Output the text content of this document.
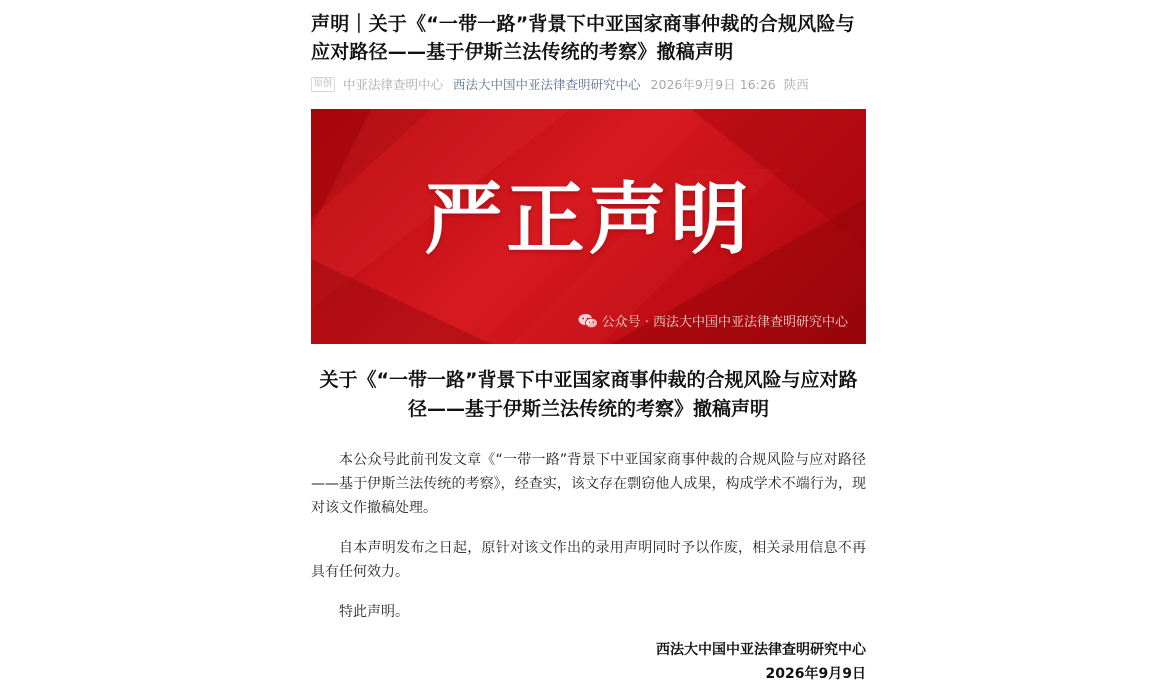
声明｜关于《“一带一路”背景下中亚国家商事仲裁的合规风险与应对路径——基于伊斯兰法传统的考察》撤稿声明
原创 中亚法律查明中心 西法大中国中亚法律查明研究中心 2026年9月9日 16:26 陕西
严正声明
公众号 · 西法大中国中亚法律查明研究中心
关于《“一带一路”背景下中亚国家商事仲裁的合规风险与应对路径——基于伊斯兰法传统的考察》撤稿声明

本公众号此前刊发文章《“一带一路”背景下中亚国家商事仲裁的合规风险与应对路径——基于伊斯兰法传统的考察》，经查实，该文存在剽窃他人成果，构成学术不端行为，现对该文作撤稿处理。

自本声明发布之日起，原针对该文作出的录用声明同时予以作废，相关录用信息不再具有任何效力。

特此声明。

西法大中国中亚法律查明研究中心
2026年9月9日
